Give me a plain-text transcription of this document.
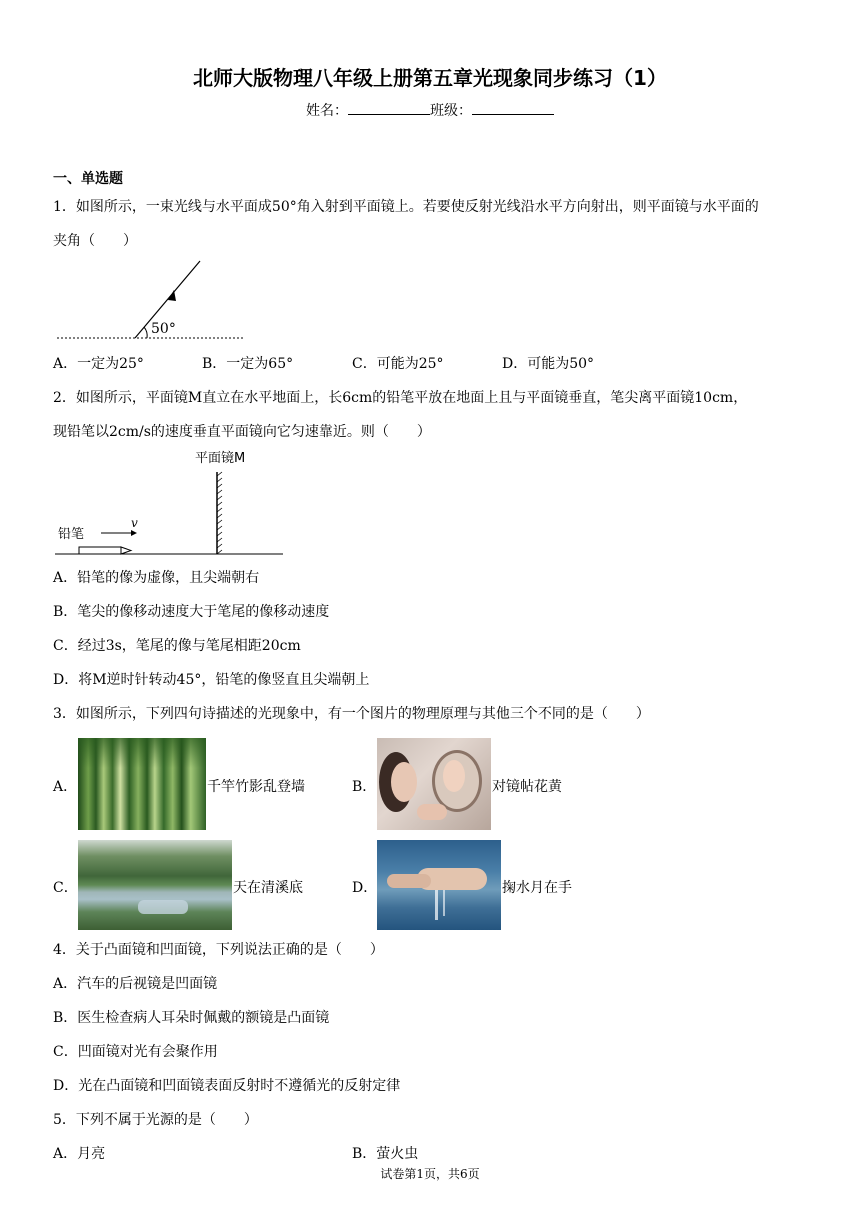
北师大版物理八年级上册第五章光现象同步练习（1）
姓名：	班级：
一、单选题
1．如图所示，一束光线与水平面成50°角入射到平面镜上。若要使反射光线沿水平方向射出，则平面镜与水平面的
夹角（　　）
50°
A．一定为25°	B．一定为65°	C．可能为25°	D．可能为50°
2．如图所示，平面镜M直立在水平地面上，长6cm的铅笔平放在地面上且与平面镜垂直，笔尖离平面镜10cm，
现铅笔以2cm/s的速度垂直平面镜向它匀速靠近。则（　　）
平面镜M
铅笔
v
A．铅笔的像为虚像，且尖端朝右
B．笔尖的像移动速度大于笔尾的像移动速度
C．经过3s，笔尾的像与笔尾相距20cm
D．将M逆时针转动45°，铅笔的像竖直且尖端朝上
3．如图所示，下列四句诗描述的光现象中，有一个图片的物理原理与其他三个不同的是（　　）
A．	千竿竹影乱登墙	B．	对镜帖花黄
C．	天在清溪底	D．	掬水月在手
4．关于凸面镜和凹面镜，下列说法正确的是（　　）
A．汽车的后视镜是凹面镜
B．医生检查病人耳朵时佩戴的额镜是凸面镜
C．凹面镜对光有会聚作用
D．光在凸面镜和凹面镜表面反射时不遵循光的反射定律
5．下列不属于光源的是（　　）
A．月亮	B．萤火虫
试卷第1页，共6页
